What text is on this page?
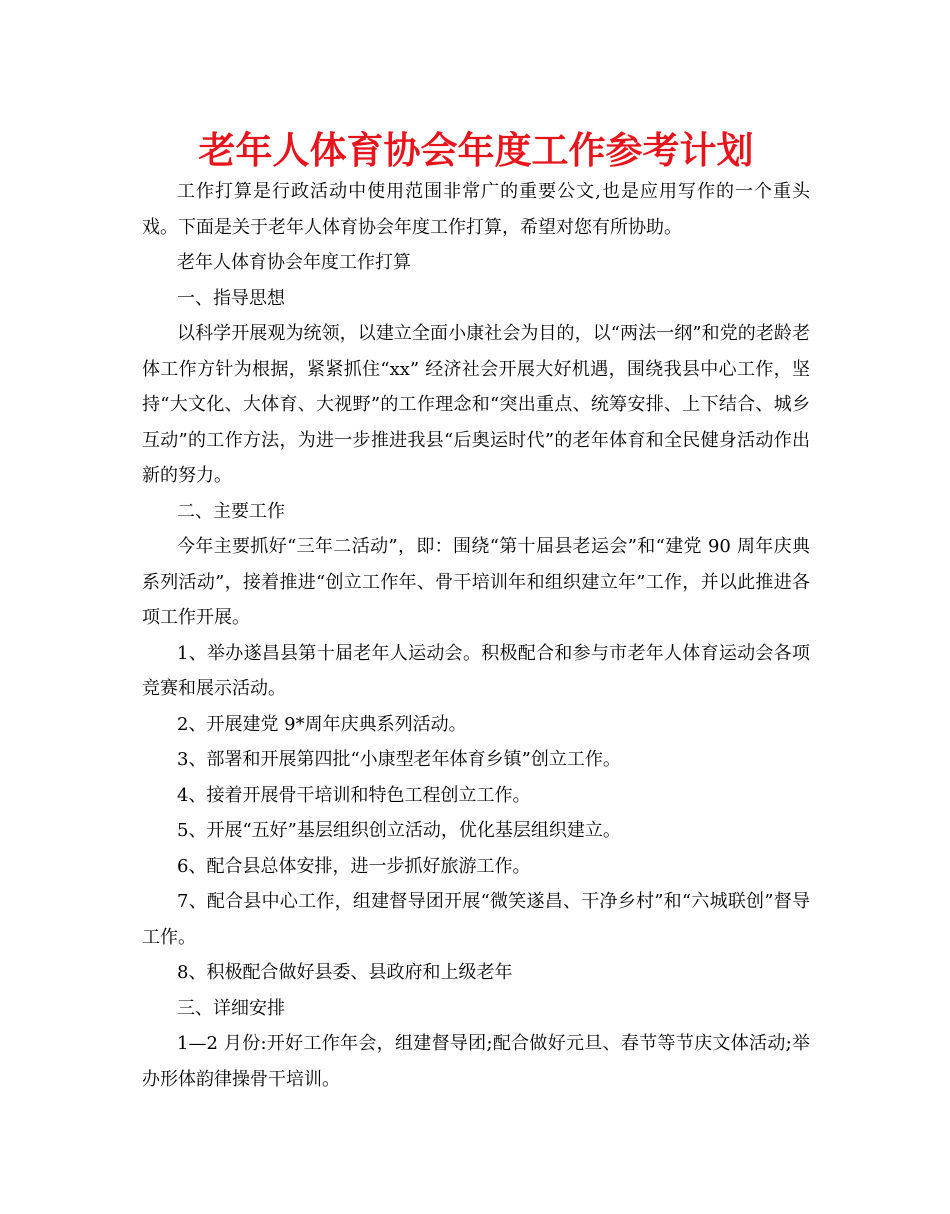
老年人体育协会年度工作参考计划

工作打算是行政活动中使用范围非常广的重要公文,也是应用写作的一个重头戏。下面是关于老年人体育协会年度工作打算，希望对您有所协助。

老年人体育协会年度工作打算

一、指导思想

以科学开展观为统领，以建立全面小康社会为目的，以“两法一纲”和党的老龄老体工作方针为根据，紧紧抓住“xx” 经济社会开展大好机遇，围绕我县中心工作，坚持“大文化、大体育、大视野”的工作理念和“突出重点、统筹安排、上下结合、城乡互动”的工作方法，为进一步推进我县“后奥运时代”的老年体育和全民健身活动作出新的努力。

二、主要工作

今年主要抓好“三年二活动”，即：围绕“第十届县老运会”和“建党 90 周年庆典系列活动”，接着推进“创立工作年、骨干培训年和组织建立年”工作，并以此推进各项工作开展。

1、举办遂昌县第十届老年人运动会。积极配合和参与市老年人体育运动会各项竞赛和展示活动。

2、开展建党 9*周年庆典系列活动。

3、部署和开展第四批“小康型老年体育乡镇”创立工作。

4、接着开展骨干培训和特色工程创立工作。

5、开展“五好”基层组织创立活动，优化基层组织建立。

6、配合县总体安排，进一步抓好旅游工作。

7、配合县中心工作，组建督导团开展“微笑遂昌、干净乡村”和“六城联创”督导工作。

8、积极配合做好县委、县政府和上级老年

三、详细安排

1—2 月份:开好工作年会，组建督导团;配合做好元旦、春节等节庆文体活动;举办形体韵律操骨干培训。
